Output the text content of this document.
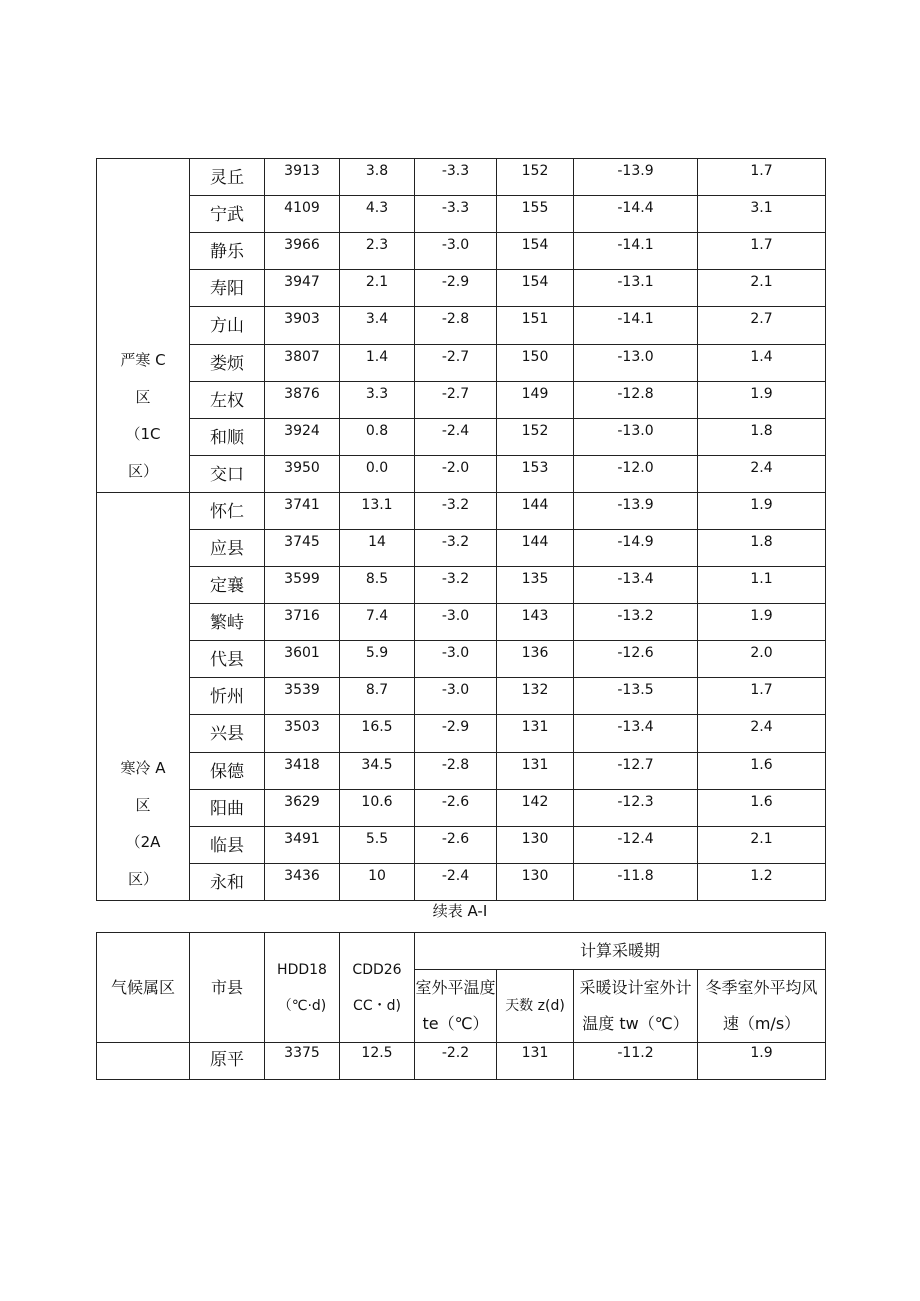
严寒 C
区
（1C
区）	灵丘	3913	3.8	-3.3	152	-13.9	1.7
	宁武	4109	4.3	-3.3	155	-14.4	3.1
	静乐	3966	2.3	-3.0	154	-14.1	1.7
	寿阳	3947	2.1	-2.9	154	-13.1	2.1
	方山	3903	3.4	-2.8	151	-14.1	2.7
	娄烦	3807	1.4	-2.7	150	-13.0	1.4
	左权	3876	3.3	-2.7	149	-12.8	1.9
	和顺	3924	0.8	-2.4	152	-13.0	1.8
	交口	3950	0.0	-2.0	153	-12.0	2.4

寒冷 A
区
（2A
区）	怀仁	3741	13.1	-3.2	144	-13.9	1.9
	应县	3745	14	-3.2	144	-14.9	1.8
	定襄	3599	8.5	-3.2	135	-13.4	1.1
	繁峙	3716	7.4	-3.0	143	-13.2	1.9
	代县	3601	5.9	-3.0	136	-12.6	2.0
	忻州	3539	8.7	-3.0	132	-13.5	1.7
	兴县	3503	16.5	-2.9	131	-13.4	2.4
	保德	3418	34.5	-2.8	131	-12.7	1.6
	阳曲	3629	10.6	-2.6	142	-12.3	1.6
	临县	3491	5.5	-2.6	130	-12.4	2.1
	永和	3436	10	-2.4	130	-11.8	1.2
续表 A-I
气候属区	市县	HDD18（℃·d)	CDD26 CC・d)	计算采暖期			
				室外平温度 te（℃）	天数 z(d)	采暖设计室外计温度 tw（℃）	冬季室外平均风速（m/s）

	原平	3375	12.5	-2.2	131	-11.2	1.9
